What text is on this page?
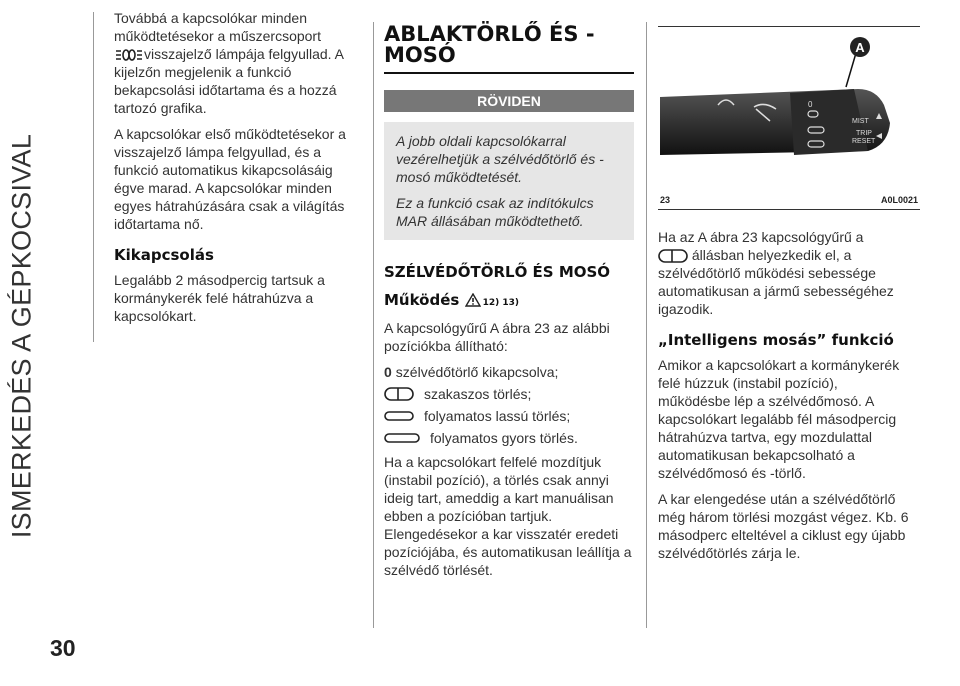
ISMERKEDÉS A GÉPKOCSIVAL
30

Továbbá a kapcsolókar minden működtetésekor a műszercsoport
visszajelző lámpája felgyullad. A kijelzőn megjelenik a funkció bekapcsolási időtartama és a hozzá tartozó grafika.

A kapcsolókar első működtetésekor a visszajelző lámpa felgyullad, és a funkció automatikus kikapcsolásáig égve marad. A kapcsolókar minden egyes hátrahúzására csak a világítás időtartama nő.

Kikapcsolás

Legalább 2 másodpercig tartsuk a kormánykerék felé hátrahúzva a kapcsolókart.

ABLAKTÖRLŐ ÉS -MOSÓ
RÖVIDEN

A jobb oldali kapcsolókarral vezérelhetjük a szélvédőtörlő és -mosó működtetését.

Ez a funkció csak az indítókulcs MAR állásában működtethető.

SZÉLVÉDŐTÖRLŐ ÉS MOSÓ
Működés	12) 13)

A kapcsológyűrű A ábra 23 az alábbi pozíciókba állítható:

0 szélvédőtörlő kikapcsolva;
szakaszos törlés;
folyamatos lassú törlés;
folyamatos gyors törlés.

Ha a kapcsolókart felfelé mozdítjuk (instabil pozíció), a törlés csak annyi ideig tart, ameddig a kart manuálisan ebben a pozícióban tartjuk. Elengedésekor a kar visszatér eredeti pozíciójába, és automatikusan leállítja a szélvédő törlését.

0
MIST
TRIP
RESET
A
23	A0L0021

Ha az A ábra 23 kapcsológyűrű a
állásban helyezkedik el, a szélvédőtörlő működési sebessége automatikusan a jármű sebességéhez igazodik.

„Intelligens mosás” funkció

Amikor a kapcsolókart a kormánykerék felé húzzuk (instabil pozíció), működésbe lép a szélvédőmosó. A kapcsolókart legalább fél másodpercig hátrahúzva tartva, egy mozdulattal automatikusan bekapcsolható a szélvédőmosó és -törlő.

A kar elengedése után a szélvédőtörlő még három törlési mozgást végez. Kb. 6 másodperc elteltével a ciklust egy újabb szélvédőtörlés zárja le.
